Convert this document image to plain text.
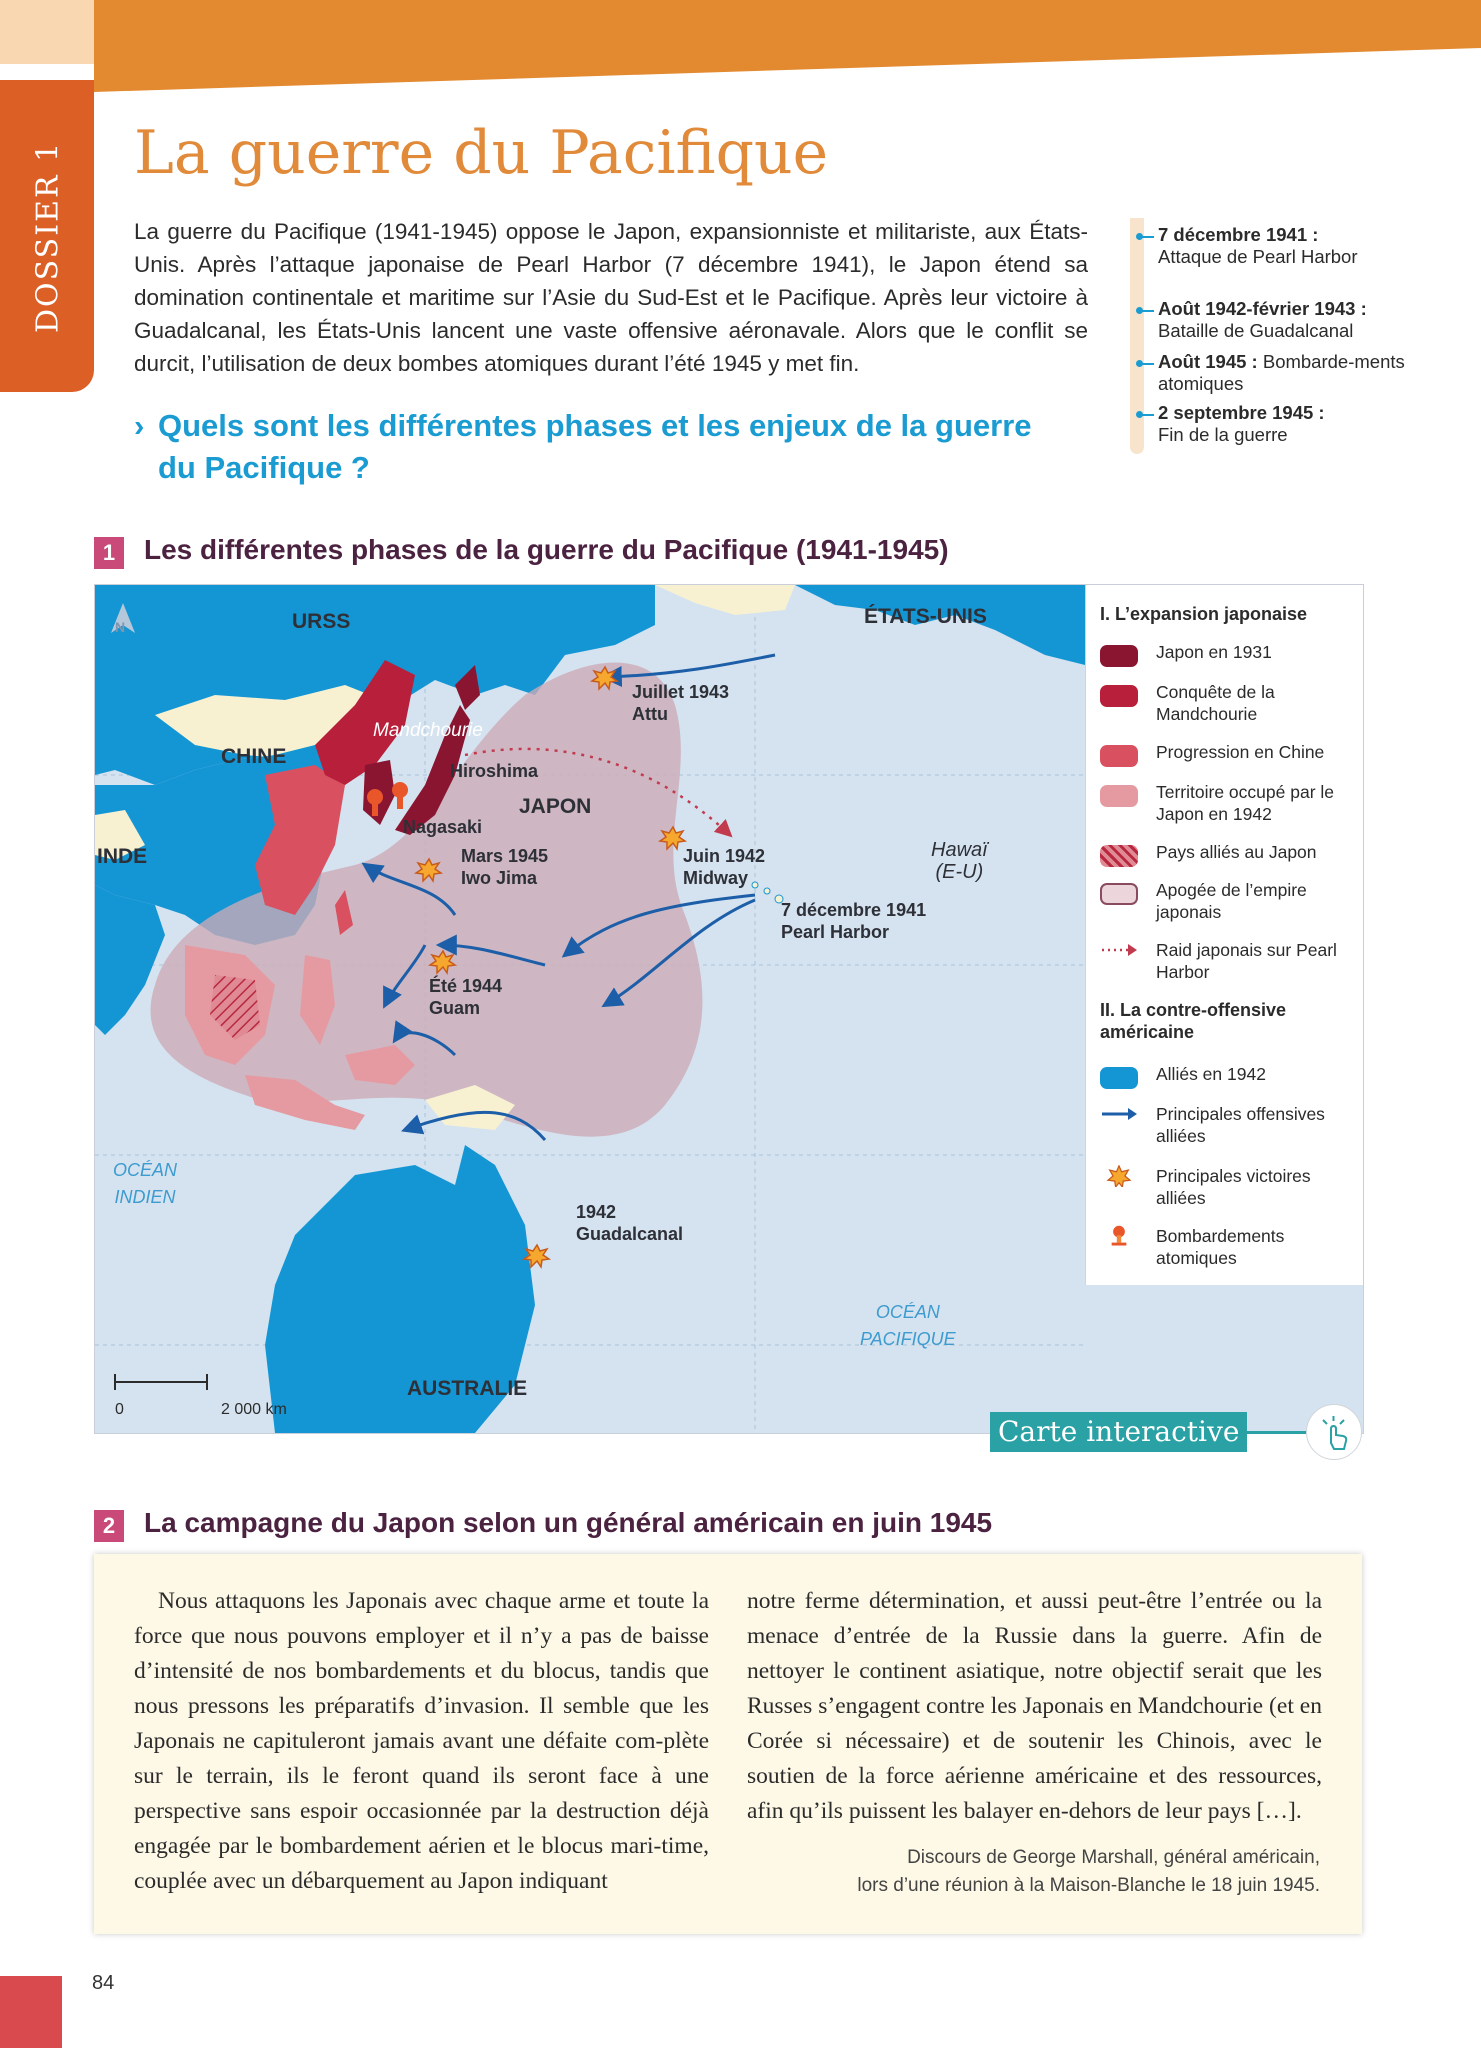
DOSSIER 1 La guerre du Pacifique
La guerre du Pacifique (1941-1945) oppose le Japon, expansionniste et militariste, aux États-Unis. Après l’attaque japonaise de Pearl Harbor (7 décembre 1941), le Japon étend sa domination continentale et maritime sur l’Asie du Sud-Est et le Pacifique. Après leur victoire à Guadalcanal, les États-Unis lancent une vaste offensive aéronavale. Alors que le conflit se durcit, l’utilisation de deux bombes atomiques durant l’été 1945 y met fin.
› Quels sont les différentes phases et les enjeux de la guerre du Pacifique ?
7 décembre 1941 :
Attaque de Pearl Harbor
Août 1942-février 1943 :
Bataille de Guadalcanal
Août 1945 : Bombarde-ments atomiques
2 septembre 1945 :
Fin de la guerre
1	Les différentes phases de la guerre du Pacifique (1941-1945)
N	URSS	ÉTATS-UNIS
CHINE
Mandchourie
INDE
JAPON
Hiroshima
Nagasaki
Hawaï
(E-U)
AUSTRALIE
OCÉAN
INDIEN
OCÉAN
PACIFIQUE
Juillet 1943
Attu
Mars 1945
Iwo Jima
Juin 1942
Midway
7 décembre 1941
Pearl Harbor
Été 1944
Guam
1942
Guadalcanal
0	2 000 km
I. L’expansion japonaise
Japon en 1931
Conquête de la Mandchourie
Progression en Chine
Territoire occupé par le Japon en 1942
Pays alliés au Japon
Apogée de l’empire japonais
Raid japonais sur Pearl Harbor
II. La contre-offensive américaine
Alliés en 1942
Principales offensives alliées
Principales victoires alliées
Bombardements atomiques
Carte interactive
2	La campagne du Japon selon un général américain en juin 1945
Nous attaquons les Japonais avec chaque arme et toute la force que nous pouvons employer et il n’y a pas de baisse d’intensité de nos bombardements et du blocus, tandis que nous pressons les préparatifs d’invasion. Il semble que les Japonais ne capituleront jamais avant une défaite com-plète sur le terrain, ils le feront quand ils seront face à une perspective sans espoir occasionnée par la destruction déjà engagée par le bombardement aérien et le blocus mari-time, couplée avec un débarquement au Japon indiquant
notre ferme détermination, et aussi peut-être l’entrée ou la menace d’entrée de la Russie dans la guerre. Afin de nettoyer le continent asiatique, notre objectif serait que les Russes s’engagent contre les Japonais en Mandchourie (et en Corée si nécessaire) et de soutenir les Chinois, avec le soutien de la force aérienne américaine et des ressources, afin qu’ils puissent les balayer en-dehors de leur pays […].
Discours de George Marshall, général américain,
lors d’une réunion à la Maison-Blanche le 18 juin 1945.
84
